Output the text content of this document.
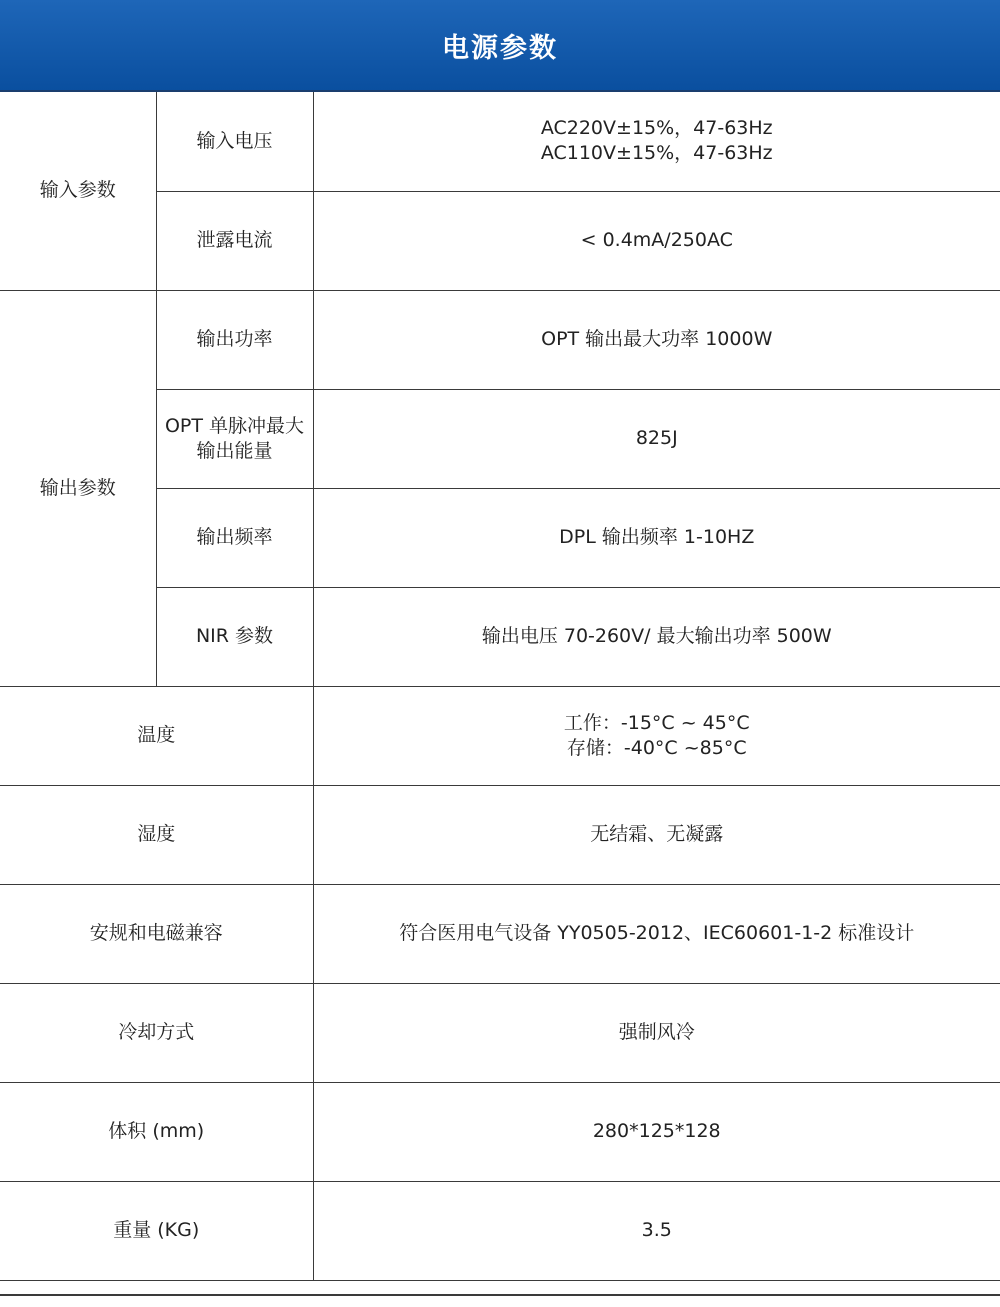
电源参数
输入参数	输入电压	AC220V±15%，47-63Hz
AC110V±15%，47-63Hz

	泄露电流	< 0.4mA/250AC

输出参数	输出功率	OPT 输出最大功率 1000W

	OPT 单脉冲最大
输出能量	825J

	输出频率	DPL 输出频率 1-10HZ

	NIR 参数	输出电压 70-260V/ 最大输出功率 500W

温度		工作：-15°C ~ 45°C
存储：-40°C ~85°C

湿度		无结霜、无凝露

安规和电磁兼容		符合医用电气设备 YY0505-2012、IEC60601-1-2 标准设计

冷却方式		强制风冷

体积 (mm)		280*125*128

重量 (KG)		3.5
